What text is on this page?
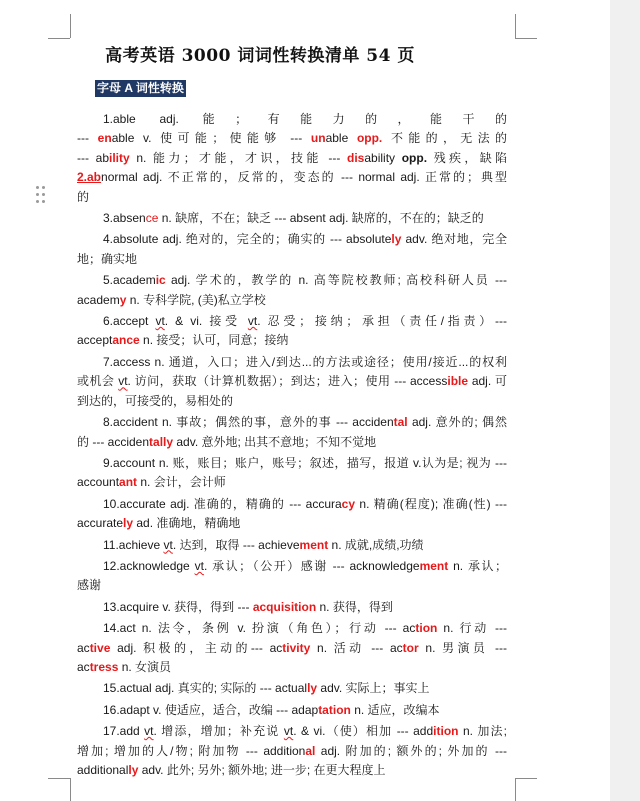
高考英语 3000 词词性转换清单 54 页
字母 A 词性转换
1.able adj. 能；有能力的，能干的
--- enable v. 使可能；使能够 --- unable opp. 不能的，无法的
--- ability n. 能力；才能，才识，技能 --- disability opp. 残疾，缺陷
2.abnormal adj. 不正常的，反常的，变态的 --- normal adj. 正常的；典型
的
3.absence n. 缺席，不在；缺乏 --- absent adj. 缺席的，不在的；缺乏的
4.absolute adj. 绝对的，完全的；确实的 --- absolutely adv. 绝对地，完全
地；确实地
5.academic adj. 学术的，教学的 n. 高等院校教师; 高校科研人员 ---
academy n. 专科学院, (美)私立学校
6.accept vt. & vi. 接受 vt. 忍受；接纳；承担（责任/指责）---
acceptance n. 接受；认可，同意；接纳
7.access n. 通道，入口；进入/到达...的方法或途径；使用/接近...的权利
或机会 vt. 访问，获取（计算机数据）；到达；进入；使用 --- accessible adj. 可
到达的，可接受的，易相处的
8.accident n. 事故；偶然的事，意外的事 --- accidental adj. 意外的; 偶然
的 --- accidentally adv. 意外地; 出其不意地；不知不觉地
9.account n. 账，账目；账户，账号；叙述，描写，报道 v.认为是; 视为 ---
accountant n. 会计，会计师
10.accurate adj. 准确的，精确的 --- accuracy n. 精确(程度); 准确(性) ---
accurately ad. 准确地，精确地
11.achieve vt. 达到，取得 --- achievement n. 成就,成绩,功绩
12.acknowledge vt. 承认；（公开）感谢 --- acknowledgement n. 承认；
感谢
13.acquire v. 获得，得到 --- acquisition n. 获得，得到
14.act n. 法令，条例 v. 扮演（角色）；行动 --- action n. 行动 ---
active adj. 积极的，主动的--- activity n. 活动 --- actor n. 男演员 ---
actress n. 女演员
15.actual adj. 真实的; 实际的 --- actually adv. 实际上；事实上
16.adapt v. 使适应，适合，改编 --- adaptation n. 适应，改编本
17.add vt. 增添，增加；补充说 vt. & vi.（使）相加 --- addition n. 加法;
增加; 增加的人/物; 附加物 --- additional adj. 附加的; 额外的; 外加的 ---
additionally adv. 此外; 另外; 额外地; 进一步; 在更大程度上
